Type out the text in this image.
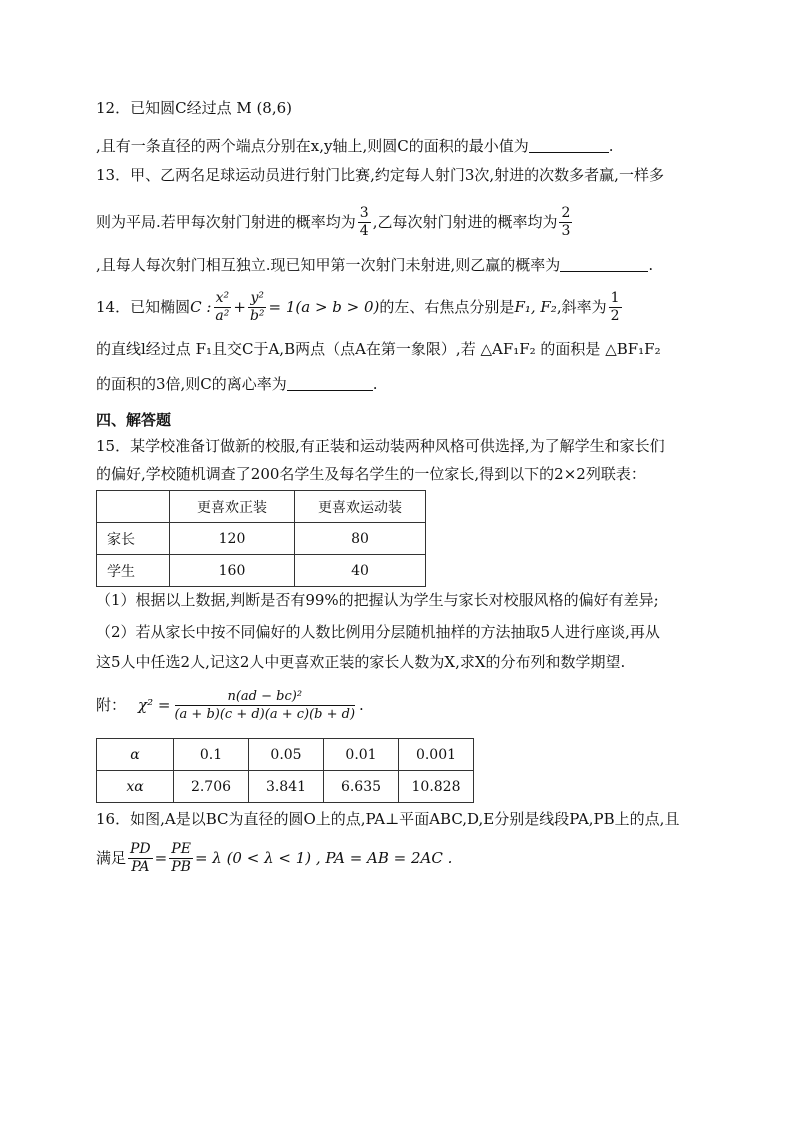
12．已知圆C经过点 M (8,6)
,且有一条直径的两个端点分别在x,y轴上,则圆C的面积的最小值为	.
13．甲、乙两名足球运动员进行射门比赛,约定每人射门3次,射进的次数多者赢,一样多
则为平局.若甲每次射门射进的概率均为 $\frac{3}{4}$ ,乙每次射门射进的概率均为 $\frac{2}{3}$
,且每人每次射门相互独立.现已知甲第一次射门未射进,则乙赢的概率为	.
14．已知椭圆 C : $\frac{\text{x²}}{\text{a²}} + \frac{\text{y²}}{\text{b²}} = 1(a > b > 0)$ 的左、右焦点分别是 F₁, F₂ ,斜率为 $\frac{1}{2}$
的直线l经过点 F₁且交C于A,B两点（点A在第一象限）,若 △AF₁F₂ 的面积是 △BF₁F₂
的面积的3倍,则C的离心率为	.
四、解答题
15．某学校准备订做新的校服,有正装和运动装两种风格可供选择,为了解学生和家长们
的偏好,学校随机调查了200名学生及每名学生的一位家长,得到以下的2×2列联表：
	更喜欢正装	更喜欢运动装
家长	120	80
学生	160	40
（1）根据以上数据,判断是否有99%的把握认为学生与家长对校服风格的偏好有差异;
（2）若从家长中按不同偏好的人数比例用分层随机抽样的方法抽取5人进行座谈,再从
这5人中任选2人,记这2人中更喜欢正装的家长人数为X,求X的分布列和数学期望.
附： $\chi^2 = \frac{\text{n(ad − bc)²}}{(a + b)(c + d)(a + c)(b + d)}$ .
α	0.1	0.05	0.01	0.001
xα	2.706	3.841	6.635	10.828
16．如图,A是以BC为直径的圆O上的点,PA⊥平面ABC,D,E分别是线段PA,PB上的点,且
满足 $\frac{PD}{PA} = \frac{PE}{PB} = \lambda$ (0 < λ < 1) , PA = AB = 2AC .
